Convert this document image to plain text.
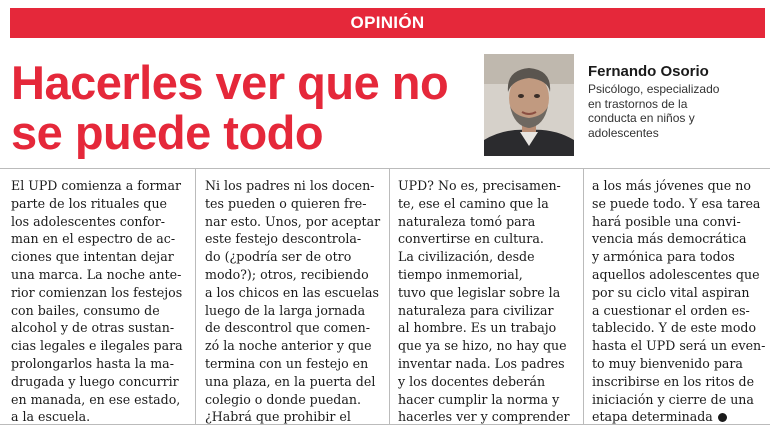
OPINIÓN
Hacerles ver que no
se puede todo
Fernando Osorio
Psicólogo, especializado
en trastornos de la
conducta en niños y
adolescentes

El UPD comienza a formar

parte de los rituales que

los adolescentes confor-

man en el espectro de ac-

ciones que intentan dejar

una marca. La noche ante-

rior comienzan los festejos

con bailes, consumo de

alcohol y de otras sustan-

cias legales e ilegales para

prolongarlos hasta la ma-

drugada y luego concurrir

en manada, en ese estado,

a la escuela.

Ni los padres ni los docen-

tes pueden o quieren fre-

nar esto. Unos, por aceptar

este festejo descontrola-

do (¿podría ser de otro

modo?); otros, recibiendo

a los chicos en las escuelas

luego de la larga jornada

de descontrol que comen-

zó la noche anterior y que

termina con un festejo en

una plaza, en la puerta del

colegio o donde puedan.

¿Habrá que prohibir el

UPD? No es, precisamen-

te, ese el camino que la

naturaleza tomó para

convertirse en cultura.

La civilización, desde

tiempo inmemorial,

tuvo que legislar sobre la

naturaleza para civilizar

al hombre. Es un trabajo

que ya se hizo, no hay que

inventar nada. Los padres

y los docentes deberán

hacer cumplir la norma y

hacerles ver y comprender

a los más jóvenes que no

se puede todo. Y esa tarea

hará posible una convi-

vencia más democrática

y armónica para todos

aquellos adolescentes que

por su ciclo vital aspiran

a cuestionar el orden es-

tablecido. Y de este modo

hasta el UPD será un even-

to muy bienvenido para

inscribirse en los ritos de

iniciación y cierre de una

etapa determinada
